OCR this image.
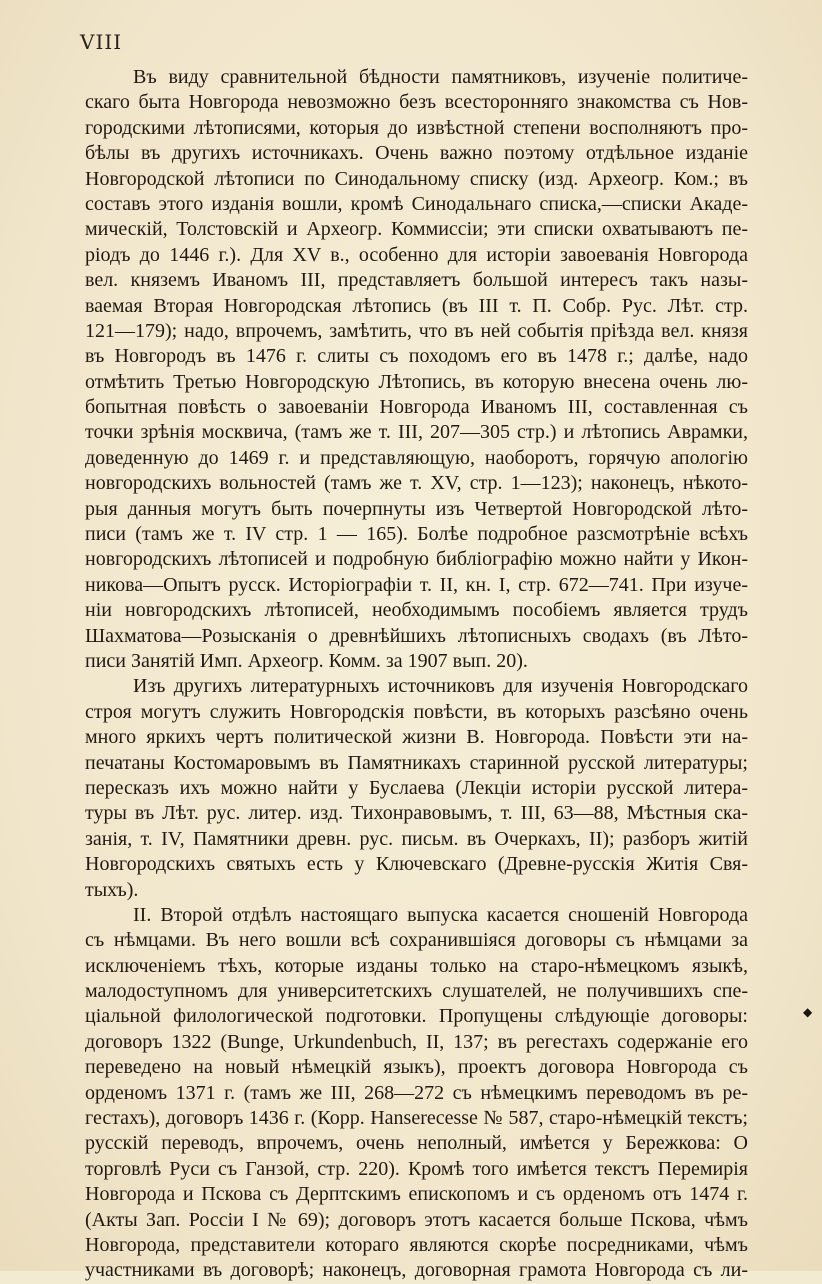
VIII
Въ виду сравнительной бѣдности памятниковъ, изученіе политиче-
скаго быта Новгорода невозможно безъ всесторонняго знакомства съ Нов-
городскими лѣтописями, которыя до извѣстной степени восполняютъ про-
бѣлы въ другихъ источникахъ. Очень важно поэтому отдѣльное изданіе
Новгородской лѣтописи по Синодальному списку (изд. Археогр. Ком.; въ
составъ этого изданія вошли, кромѣ Синодальнаго списка,—списки Акаде-
мическій, Толстовскій и Археогр. Коммиссіи; эти списки охватываютъ пе-
ріодъ до 1446 г.). Для XV в., особенно для исторіи завоеванія Новгорода
вел. княземъ Иваномъ III, представляетъ большой интересъ такъ назы-
ваемая Вторая Новгородская лѣтопись (въ III т. П. Собр. Рус. Лѣт. стр.
121—179); надо, впрочемъ, замѣтить, что въ ней событія пріѣзда вел. князя
въ Новгородъ въ 1476 г. слиты съ походомъ его въ 1478 г.; далѣе, надо
отмѣтить Третью Новгородскую Лѣтопись, въ которую внесена очень лю-
бопытная повѣсть о завоеваніи Новгорода Иваномъ III, составленная съ
точки зрѣнія москвича, (тамъ же т. III, 207—305 стр.) и лѣтопись Аврамки,
доведенную до 1469 г. и представляющую, наоборотъ, горячую апологію
новгородскихъ вольностей (тамъ же т. XV, стр. 1—123); наконецъ, нѣкото-
рыя данныя могутъ быть почерпнуты изъ Четвертой Новгородской лѣто-
писи (тамъ же т. IV стр. 1 — 165). Болѣе подробное разсмотрѣніе всѣхъ
новгородскихъ лѣтописей и подробную библіографію можно найти у Икон-
никова—Опытъ русск. Исторіографіи т. II, кн. I, стр. 672—741. При изуче-
ніи новгородскихъ лѣтописей, необходимымъ пособіемъ является трудъ
Шахматова—Розысканія о древнѣйшихъ лѣтописныхъ сводахъ (въ Лѣто-
писи Занятій Имп. Археогр. Комм. за 1907 вып. 20).
Изъ другихъ литературныхъ источниковъ для изученія Новгородскаго
строя могутъ служить Новгородскія повѣсти, въ которыхъ разсѣяно очень
много яркихъ чертъ политической жизни В. Новгорода. Повѣсти эти на-
печатаны Костомаровымъ въ Памятникахъ старинной русской литературы;
пересказъ ихъ можно найти у Буслаева (Лекціи исторіи русской литера-
туры въ Лѣт. рус. литер. изд. Тихонравовымъ, т. III, 63—88, Мѣстныя ска-
занія, т. IV, Памятники древн. рус. письм. въ Очеркахъ, II); разборъ житій
Новгородскихъ святыхъ есть у Ключевскаго (Древне-русскія Житія Свя-
тыхъ).
II. Второй отдѣлъ настоящаго выпуска касается сношеній Новгорода
съ нѣмцами. Въ него вошли всѣ сохранившіяся договоры съ нѣмцами за
исключеніемъ тѣхъ, которые изданы только на старо-нѣмецкомъ языкѣ,
малодоступномъ для университетскихъ слушателей, не получившихъ спе-
ціальной филологической подготовки. Пропущены слѣдующіе договоры:
договоръ 1322 (Bunge, Urkundenbuch, II, 137; въ регестахъ содержаніе его
переведено на новый нѣмецкій языкъ), проектъ договора Новгорода съ
орденомъ 1371 г. (тамъ же III, 268—272 съ нѣмецкимъ переводомъ въ ре-
гестахъ), договоръ 1436 г. (Корр. Hanserecesse № 587, старо-нѣмецкій текстъ;
русскій переводъ, впрочемъ, очень неполный, имѣется у Бережкова: О
торговлѣ Руси съ Ганзой, стр. 220). Кромѣ того имѣется текстъ Перемирія
Новгорода и Пскова съ Дерптскимъ епископомъ и съ орденомъ отъ 1474 г.
(Акты Зап. Россіи I № 69); договоръ этотъ касается больше Пскова, чѣмъ
Новгорода, представители котораго являются скорѣе посредниками, чѣмъ
участниками въ договорѣ; наконецъ, договорная грамота Новгорода съ ли-
◆
